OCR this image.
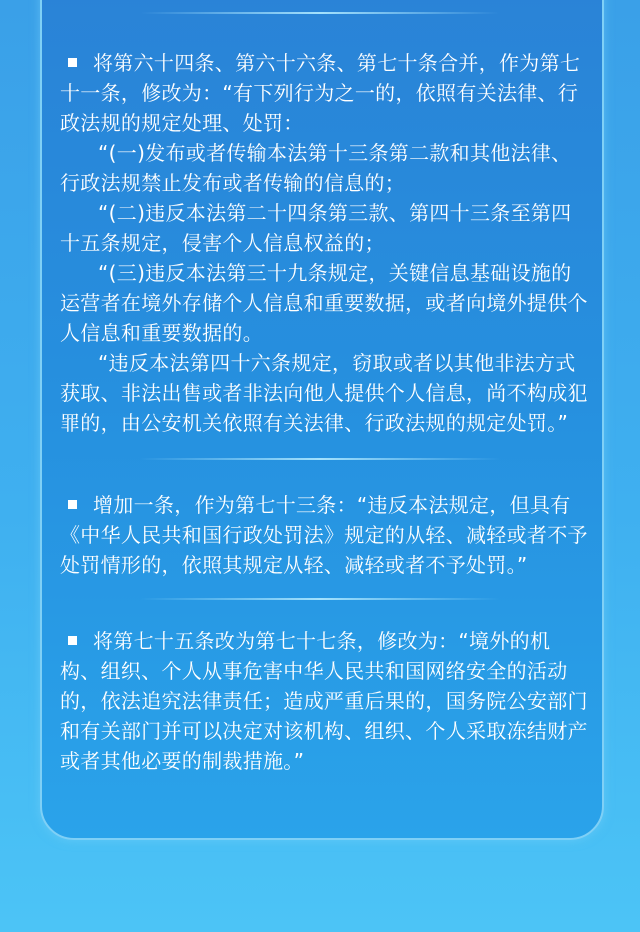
将第六十四条、第六十六条、第七十条合并，作为第七十一条，修改为：“有下列行为之一的，依照有关法律、行政法规的规定处理、处罚：

“(一)发布或者传输本法第十三条第二款和其他法律、行政法规禁止发布或者传输的信息的；

“(二)违反本法第二十四条第三款、第四十三条至第四十五条规定，侵害个人信息权益的；

“(三)违反本法第三十九条规定，关键信息基础设施的运营者在境外存储个人信息和重要数据，或者向境外提供个人信息和重要数据的。

“违反本法第四十六条规定，窃取或者以其他非法方式获取、非法出售或者非法向他人提供个人信息，尚不构成犯罪的，由公安机关依照有关法律、行政法规的规定处罚。”

增加一条，作为第七十三条：“违反本法规定，但具有《中华人民共和国行政处罚法》规定的从轻、减轻或者不予处罚情形的，依照其规定从轻、减轻或者不予处罚。”

将第七十五条改为第七十七条，修改为：“境外的机构、组织、个人从事危害中华人民共和国网络安全的活动的，依法追究法律责任；造成严重后果的，国务院公安部门和有关部门并可以决定对该机构、组织、个人采取冻结财产或者其他必要的制裁措施。”
